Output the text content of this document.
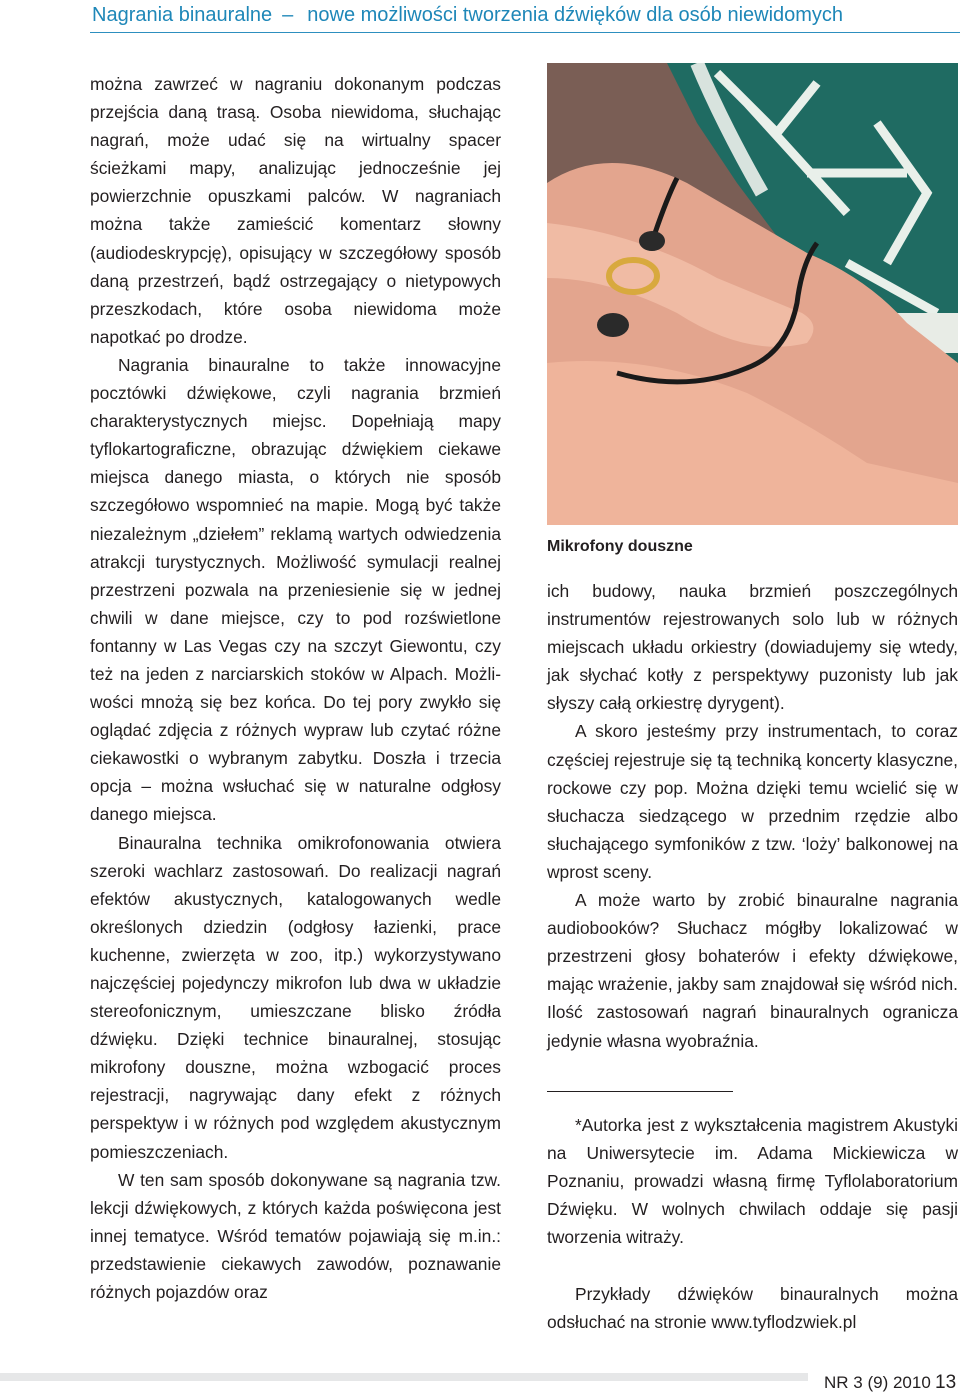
Nagrania binauralne – nowe możliwości tworzenia dźwięków dla osób niewidomych

można zawrzeć w nagraniu dokonanym podczas przejścia daną trasą. Osoba niewidoma, słuchając nagrań, może udać się na wirtualny spacer ścieżkami mapy, analizując jednocześnie jej powierzchnie opuszkami palców. W nagraniach można także zamieścić komentarz słowny (audiodeskrypcję), opisujący w szczegółowy sposób daną przestrzeń, bądź ostrzegający o nietypowych przeszkodach, które osoba niewidoma może napotkać po drodze.

Nagrania binauralne to także innowacyjne pocztówki dźwiękowe, czyli nagrania brzmień charakterystycznych miejsc. Dopełniają mapy tyflokartograficzne, obrazując dźwiękiem ciekawe miejsca danego miasta, o których nie sposób szczegółowo wspomnieć na mapie. Mogą być także niezależnym „dziełem” reklamą wartych odwiedzenia atrakcji turystycznych. Możliwość symulacji realnej przestrzeni pozwala na przeniesienie się w jednej chwili w dane miejsce, czy to pod rozświetlone fontanny w Las Vegas czy na szczyt Giewontu, czy też na jeden z narciarskich stoków w Alpach. Możliwości mnożą się bez końca. Do tej pory zwykło się oglądać zdjęcia z różnych wypraw lub czytać różne ciekawostki o wybranym zabytku. Doszła i trzecia opcja – można wsłuchać się w naturalne odgłosy danego miejsca.

Binauralna technika omikrofonowania otwiera szeroki wachlarz zastosowań. Do realizacji nagrań efektów akustycznych, katalogowanych wedle określonych dziedzin (odgłosy łazienki, prace kuchenne, zwierzęta w zoo, itp.) wykorzystywano najczęściej pojedynczy mikrofon lub dwa w układzie stereofonicznym, umieszczane blisko źródła dźwięku. Dzięki technice binauralnej, stosując mikrofony douszne, można wzbogacić proces rejestracji, nagrywając dany efekt z różnych perspektyw i w różnych pod względem akustycznym pomieszczeniach.

W ten sam sposób dokonywane są nagrania tzw. lekcji dźwiękowych, z których każda poświęcona jest innej tematyce. Wśród tematów pojawiają się m.in.: przedstawienie ciekawych zawodów, poznawanie różnych pojazdów oraz

Mikrofony douszne

ich budowy, nauka brzmień poszczególnych instrumentów rejestrowanych solo lub w różnych miejscach układu orkiestry (dowiadujemy się wtedy, jak słychać kotły z perspektywy puzonisty lub jak słyszy całą orkiestrę dyrygent).

A skoro jesteśmy przy instrumentach, to coraz częściej rejestruje się tą techniką koncerty klasyczne, rockowe czy pop. Można dzięki temu wcielić się w słuchacza siedzącego w przednim rzędzie albo słuchającego symfoników z tzw. ‘loży’ balkonowej na wprost sceny.

A może warto by zrobić binauralne nagrania audiobooków? Słuchacz mógłby lokalizować w przestrzeni głosy bohaterów i efekty dźwiękowe, mając wrażenie, jakby sam znajdował się wśród nich. Ilość zastosowań nagrań binauralnych ogranicza jedynie własna wyobraźnia.

*Autorka jest z wykształcenia magistrem Akustyki na Uniwersytecie im. Adama Mickiewicza w Poznaniu, prowadzi własną firmę Tyflolaboratorium Dźwięku. W wolnych chwilach oddaje się pasji tworzenia witraży.

Przykłady dźwięków binauralnych można odsłuchać na stronie www.tyflodzwiek.pl

NR 3 (9) 2010 13
